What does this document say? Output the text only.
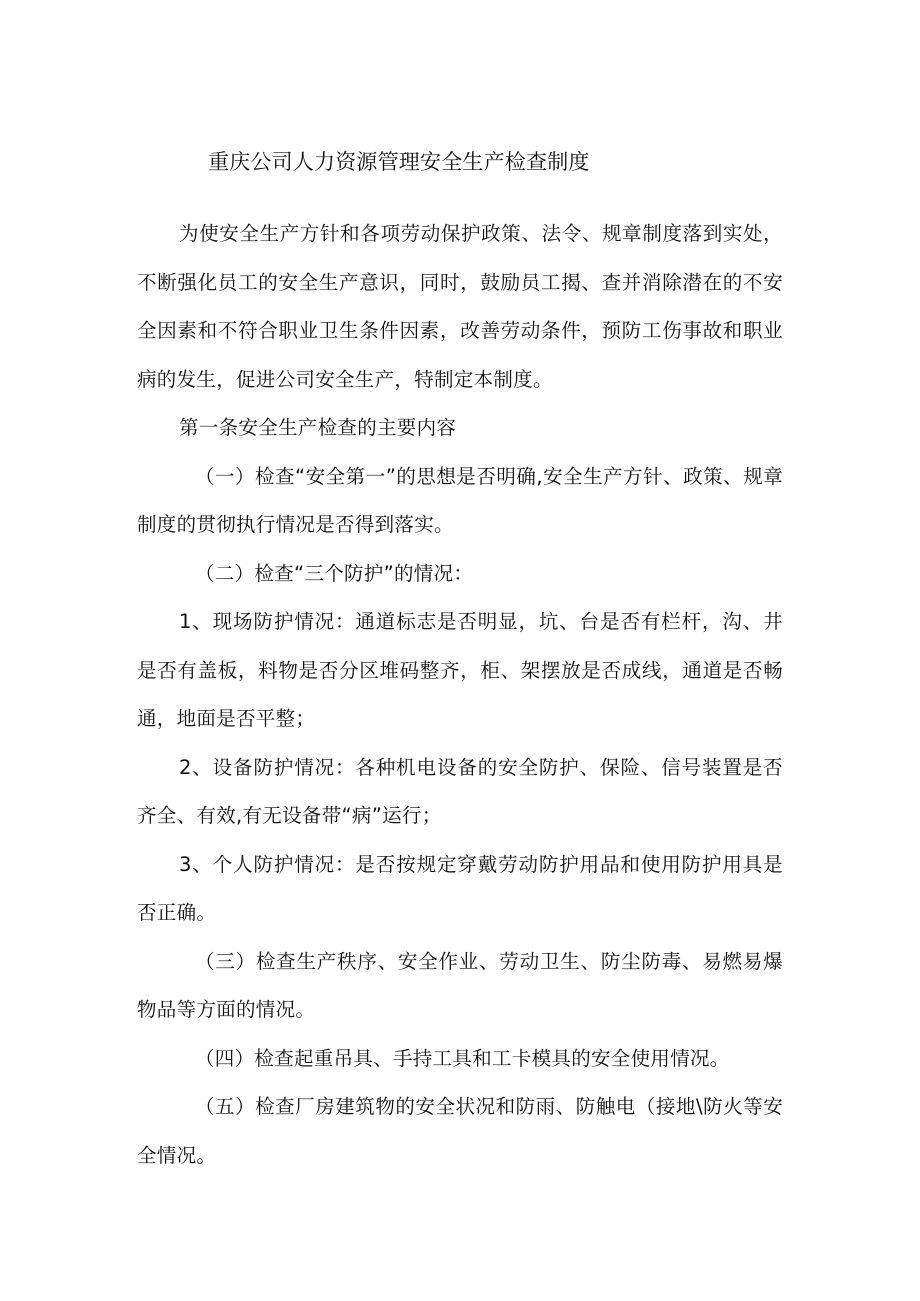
重庆公司人力资源管理安全生产检查制度

为使安全生产方针和各项劳动保护政策、法令、规章制度落到实处，不断强化员工的安全生产意识，同时，鼓励员工揭、查并消除潜在的不安全因素和不符合职业卫生条件因素，改善劳动条件，预防工伤事故和职业病的发生，促进公司安全生产，特制定本制度。

第一条安全生产检查的主要内容

（一）检查“安全第一”的思想是否明确,安全生产方针、政策、规章制度的贯彻执行情况是否得到落实。

（二）检查“三个防护”的情况：

1、现场防护情况：通道标志是否明显，坑、台是否有栏杆，沟、井是否有盖板，料物是否分区堆码整齐，柜、架摆放是否成线，通道是否畅通，地面是否平整；

2、设备防护情况：各种机电设备的安全防护、保险、信号装置是否齐全、有效,有无设备带“病”运行；

3、个人防护情况：是否按规定穿戴劳动防护用品和使用防护用具是否正确。

（三）检查生产秩序、安全作业、劳动卫生、防尘防毒、易燃易爆物品等方面的情况。

（四）检查起重吊具、手持工具和工卡模具的安全使用情况。

（五）检查厂房建筑物的安全状况和防雨、防触电（接地\防火等安全情况。
